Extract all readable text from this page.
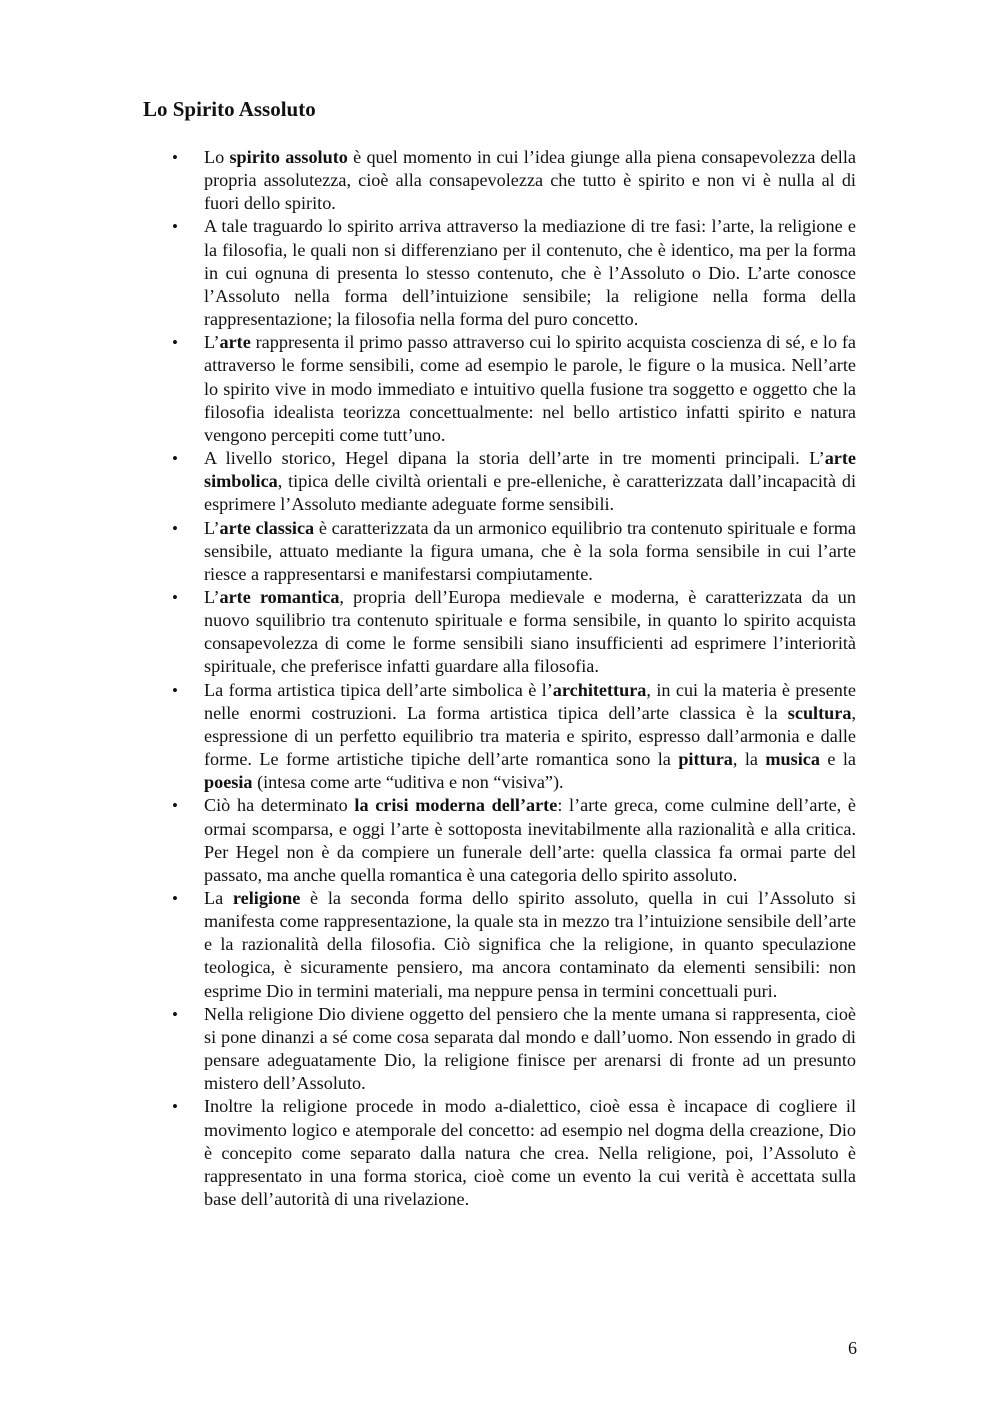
Lo Spirito Assoluto
• Lo spirito assoluto è quel momento in cui l’idea giunge alla piena consapevolezza della propria assolutezza, cioè alla consapevolezza che tutto è spirito e non vi è nulla al di fuori dello spirito.
• A tale traguardo lo spirito arriva attraverso la mediazione di tre fasi: l’arte, la religione e la filosofia, le quali non si differenziano per il contenuto, che è identico, ma per la forma in cui ognuna di presenta lo stesso contenuto, che è l’Assoluto o Dio. L’arte conosce l’Assoluto nella forma dell’intuizione sensibile; la religione nella forma della rappresentazione; la filosofia nella forma del puro concetto.
• L’arte rappresenta il primo passo attraverso cui lo spirito acquista coscienza di sé, e lo fa attraverso le forme sensibili, come ad esempio le parole, le figure o la musica. Nell’arte lo spirito vive in modo immediato e intuitivo quella fusione tra soggetto e oggetto che la filosofia idealista teorizza concettualmente: nel bello artistico infatti spirito e natura vengono percepiti come tutt’uno.
• A livello storico, Hegel dipana la storia dell’arte in tre momenti principali. L’arte simbolica, tipica delle civiltà orientali e pre-elleniche, è caratterizzata dall’incapacità di esprimere l’Assoluto mediante adeguate forme sensibili.
• L’arte classica è caratterizzata da un armonico equilibrio tra contenuto spirituale e forma sensibile, attuato mediante la figura umana, che è la sola forma sensibile in cui l’arte riesce a rappresentarsi e manifestarsi compiutamente.
• L’arte romantica, propria dell’Europa medievale e moderna, è caratterizzata da un nuovo squilibrio tra contenuto spirituale e forma sensibile, in quanto lo spirito acquista consapevolezza di come le forme sensibili siano insufficienti ad esprimere l’interiorità spirituale, che preferisce infatti guardare alla filosofia.
• La forma artistica tipica dell’arte simbolica è l’architettura, in cui la materia è presente nelle enormi costruzioni. La forma artistica tipica dell’arte classica è la scultura, espressione di un perfetto equilibrio tra materia e spirito, espresso dall’armonia e dalle forme. Le forme artistiche tipiche dell’arte romantica sono la pittura, la musica e la poesia (intesa come arte “uditiva e non “visiva”).
• Ciò ha determinato la crisi moderna dell’arte: l’arte greca, come culmine dell’arte, è ormai scomparsa, e oggi l’arte è sottoposta inevitabilmente alla razionalità e alla critica. Per Hegel non è da compiere un funerale dell’arte: quella classica fa ormai parte del passato, ma anche quella romantica è una categoria dello spirito assoluto.
• La religione è la seconda forma dello spirito assoluto, quella in cui l’Assoluto si manifesta come rappresentazione, la quale sta in mezzo tra l’intuizione sensibile dell’arte e la razionalità della filosofia. Ciò significa che la religione, in quanto speculazione teologica, è sicuramente pensiero, ma ancora contaminato da elementi sensibili: non esprime Dio in termini materiali, ma neppure pensa in termini concettuali puri.
• Nella religione Dio diviene oggetto del pensiero che la mente umana si rappresenta, cioè si pone dinanzi a sé come cosa separata dal mondo e dall’uomo. Non essendo in grado di pensare adeguatamente Dio, la religione finisce per arenarsi di fronte ad un presunto mistero dell’Assoluto.
• Inoltre la religione procede in modo a-dialettico, cioè essa è incapace di cogliere il movimento logico e atemporale del concetto: ad esempio nel dogma della creazione, Dio è concepito come separato dalla natura che crea. Nella religione, poi, l’Assoluto è rappresentato in una forma storica, cioè come un evento la cui verità è accettata sulla base dell’autorità di una rivelazione.
6
